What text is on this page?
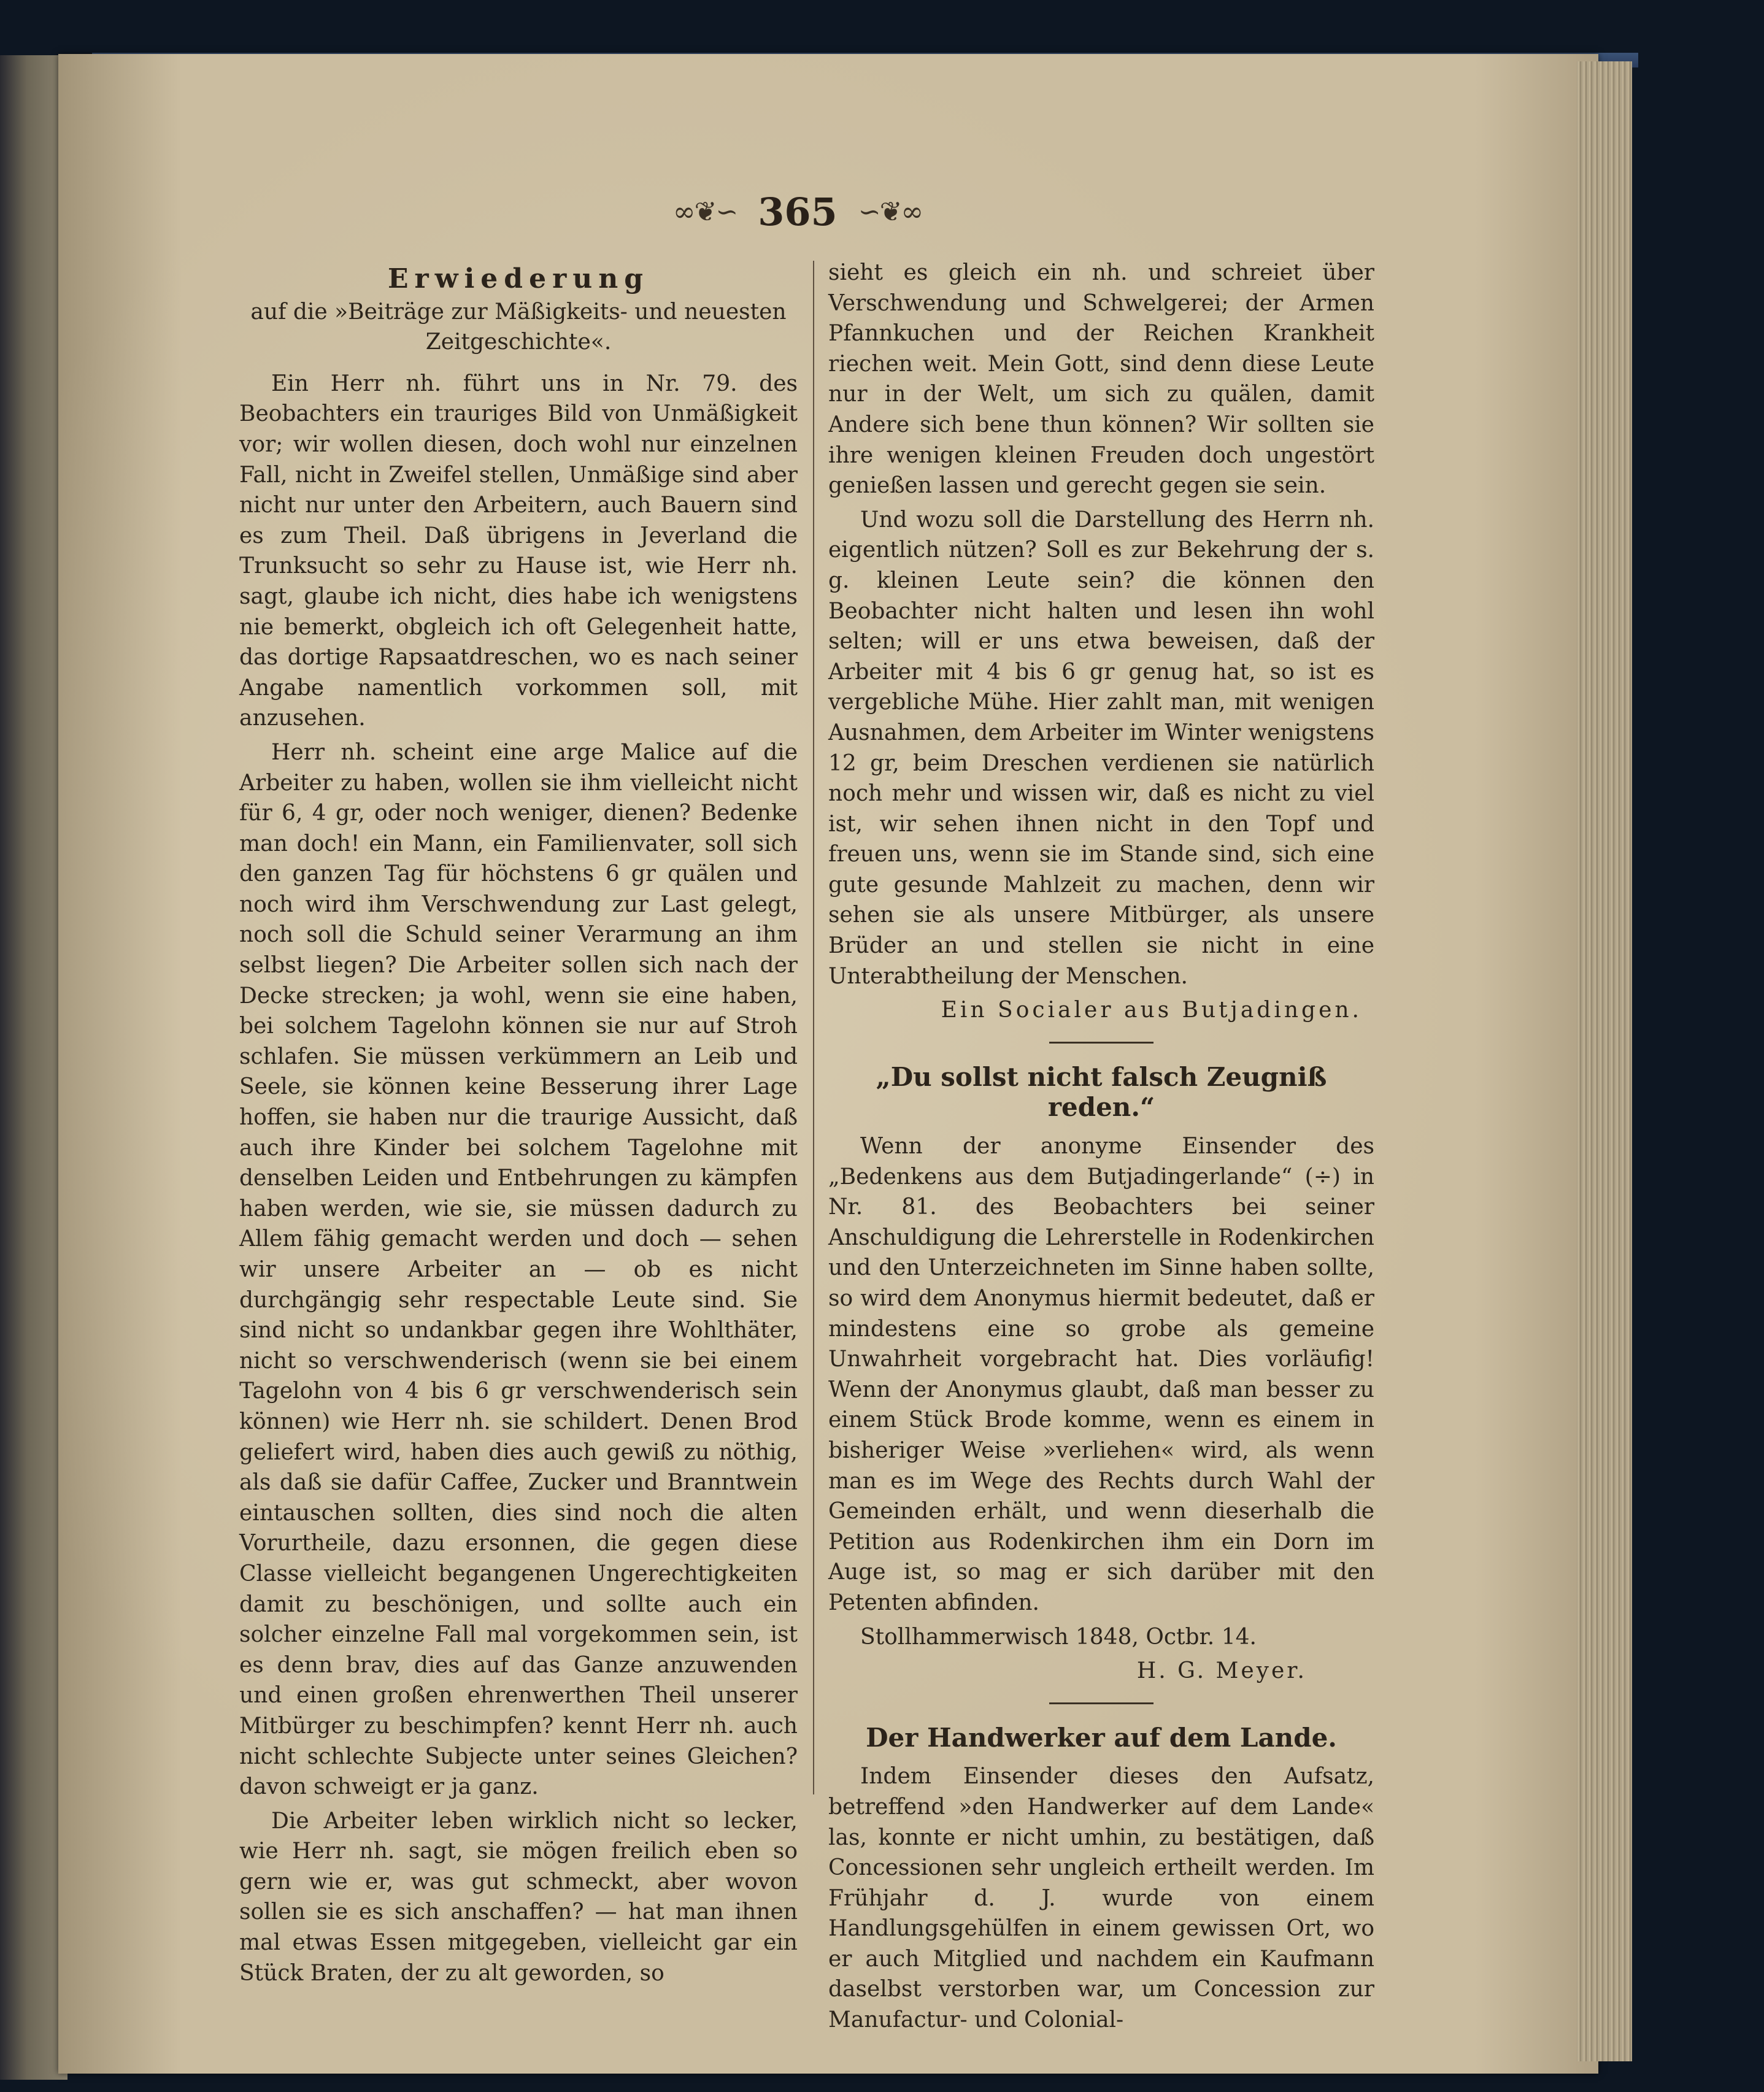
∞❦∽ 365 ∽❦∞
Erwiederung
auf die »Beiträge zur Mäßigkeits- und neuesten Zeitgeschichte«.

Ein Herr nh. führt uns in Nr. 79. des Beobachters ein trauriges Bild von Unmäßigkeit vor; wir wollen diesen, doch wohl nur einzelnen Fall, nicht in Zweifel stellen, Unmäßige sind aber nicht nur unter den Arbeitern, auch Bauern sind es zum Theil. Daß übrigens in Jeverland die Trunksucht so sehr zu Hause ist, wie Herr nh. sagt, glaube ich nicht, dies habe ich wenigstens nie bemerkt, obgleich ich oft Gelegenheit hatte, das dortige Rapsaatdreschen, wo es nach seiner Angabe namentlich vorkommen soll, mit anzusehen.

Herr nh. scheint eine arge Malice auf die Arbeiter zu haben, wollen sie ihm vielleicht nicht für 6, 4 gr, oder noch weniger, dienen? Bedenke man doch! ein Mann, ein Familienvater, soll sich den ganzen Tag für höchstens 6 gr quälen und noch wird ihm Verschwendung zur Last gelegt, noch soll die Schuld seiner Verarmung an ihm selbst liegen? Die Arbeiter sollen sich nach der Decke strecken; ja wohl, wenn sie eine haben, bei solchem Tagelohn können sie nur auf Stroh schlafen. Sie müssen verkümmern an Leib und Seele, sie können keine Besserung ihrer Lage hoffen, sie haben nur die traurige Aussicht, daß auch ihre Kinder bei solchem Tagelohne mit denselben Leiden und Entbehrungen zu kämpfen haben werden, wie sie, sie müssen dadurch zu Allem fähig gemacht werden und doch — sehen wir unsere Arbeiter an — ob es nicht durchgängig sehr respectable Leute sind. Sie sind nicht so undankbar gegen ihre Wohlthäter, nicht so verschwenderisch (wenn sie bei einem Tagelohn von 4 bis 6 gr verschwenderisch sein können) wie Herr nh. sie schildert. Denen Brod geliefert wird, haben dies auch gewiß zu nöthig, als daß sie dafür Caffee, Zucker und Branntwein eintauschen sollten, dies sind noch die alten Vorurtheile, dazu ersonnen, die gegen diese Classe vielleicht begangenen Ungerechtigkeiten damit zu beschönigen, und sollte auch ein solcher einzelne Fall mal vorgekommen sein, ist es denn brav, dies auf das Ganze anzuwenden und einen großen ehrenwerthen Theil unserer Mitbürger zu beschimpfen? kennt Herr nh. auch nicht schlechte Subjecte unter seines Gleichen? davon schweigt er ja ganz.

Die Arbeiter leben wirklich nicht so lecker, wie Herr nh. sagt, sie mögen freilich eben so gern wie er, was gut schmeckt, aber wovon sollen sie es sich anschaffen? — hat man ihnen mal etwas Essen mitgegeben, vielleicht gar ein Stück Braten, der zu alt geworden, so

sieht es gleich ein nh. und schreiet über Verschwendung und Schwelgerei; der Armen Pfannkuchen und der Reichen Krankheit riechen weit. Mein Gott, sind denn diese Leute nur in der Welt, um sich zu quälen, damit Andere sich bene thun können? Wir sollten sie ihre wenigen kleinen Freuden doch ungestört genießen lassen und gerecht gegen sie sein.

Und wozu soll die Darstellung des Herrn nh. eigentlich nützen? Soll es zur Bekehrung der s. g. kleinen Leute sein? die können den Beobachter nicht halten und lesen ihn wohl selten; will er uns etwa beweisen, daß der Arbeiter mit 4 bis 6 gr genug hat, so ist es vergebliche Mühe. Hier zahlt man, mit wenigen Ausnahmen, dem Arbeiter im Winter wenigstens 12 gr, beim Dreschen verdienen sie natürlich noch mehr und wissen wir, daß es nicht zu viel ist, wir sehen ihnen nicht in den Topf und freuen uns, wenn sie im Stande sind, sich eine gute gesunde Mahlzeit zu machen, denn wir sehen sie als unsere Mitbürger, als unsere Brüder an und stellen sie nicht in eine Unterabtheilung der Menschen.

Ein Socialer aus Butjadingen.
„Du sollst nicht falsch Zeugniß reden.“

Wenn der anonyme Einsender des „Bedenkens aus dem Butjadingerlande“ (÷) in Nr. 81. des Beobachters bei seiner Anschuldigung die Lehrerstelle in Rodenkirchen und den Unterzeichneten im Sinne haben sollte, so wird dem Anonymus hiermit bedeutet, daß er mindestens eine so grobe als gemeine Unwahrheit vorgebracht hat. Dies vorläufig! Wenn der Anonymus glaubt, daß man besser zu einem Stück Brode komme, wenn es einem in bisheriger Weise »verliehen« wird, als wenn man es im Wege des Rechts durch Wahl der Gemeinden erhält, und wenn dieserhalb die Petition aus Rodenkirchen ihm ein Dorn im Auge ist, so mag er sich darüber mit den Petenten abfinden.

Stollhammerwisch 1848, Octbr. 14.

H. G. Meyer.
Der Handwerker auf dem Lande.

Indem Einsender dieses den Aufsatz, betreffend »den Handwerker auf dem Lande« las, konnte er nicht umhin, zu bestätigen, daß Concessionen sehr ungleich ertheilt werden. Im Frühjahr d. J. wurde von einem Handlungsgehülfen in einem gewissen Ort, wo er auch Mitglied und nachdem ein Kaufmann daselbst verstorben war, um Concession zur Manufactur- und Colonial-
